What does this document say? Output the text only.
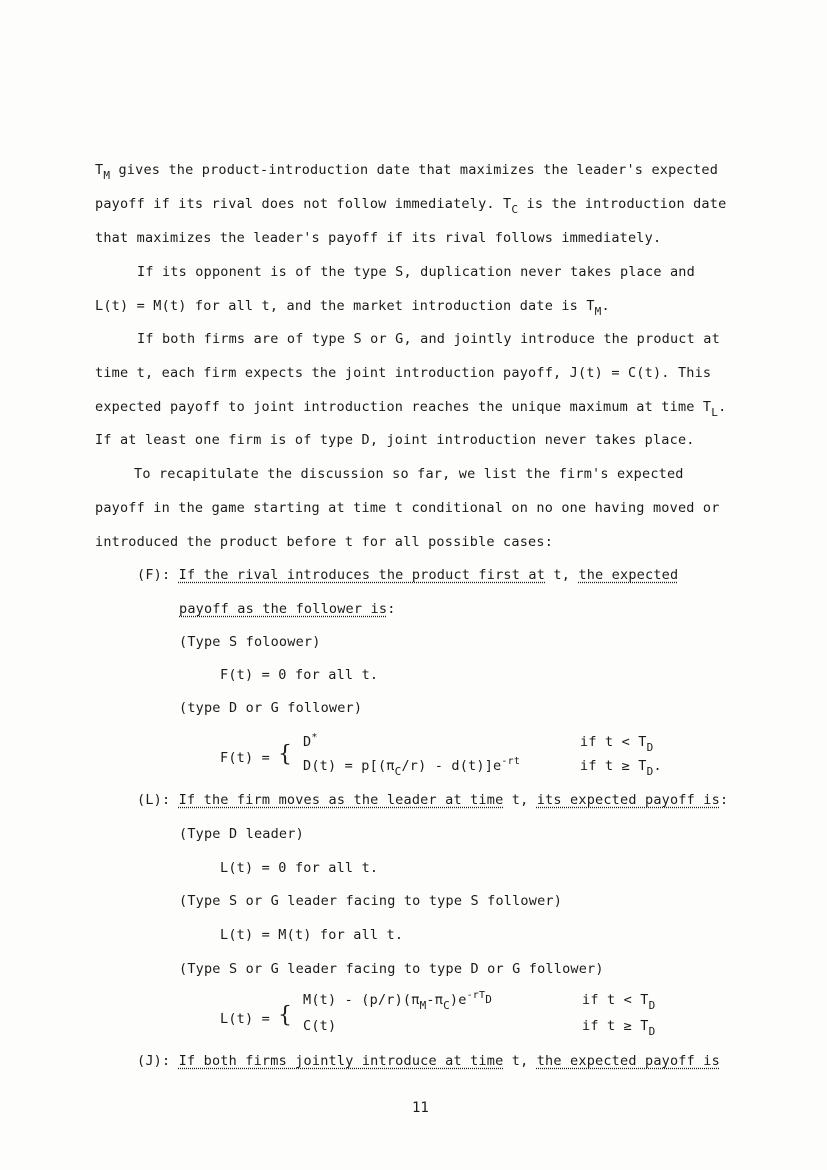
$T_M$ gives the product-introduction date that maximizes the leader's expected
payoff if its rival does not follow immediately. $T_C$ is the introduction date
that maximizes the leader's payoff if its rival follows immediately.
If its opponent is of the type S, duplication never takes place and
L(t) = M(t) for all t, and the market introduction date is $T_M$.
If both firms are of type S or G, and jointly introduce the product at
time t, each firm expects the joint introduction payoff, J(t) = C(t). This
expected payoff to joint introduction reaches the unique maximum at time $T_L$.
If at least one firm is of type D, joint introduction never takes place.
To recapitulate the discussion so far, we list the firm's expected
payoff in the game starting at time t conditional on no one having moved or
introduced the product before t for all possible cases:
(F): If the rival introduces the product first at t, the expected
payoff as the follower is:
(Type S foloower)
F(t) = 0 for all t.
(type D or G follower)
F(t) = { D*	if $t < T_D$
$D(t) = p[(\pi_C/r) - d(t)]e^{-rt}$	if $t \ge T_D$.
(L): If the firm moves as the leader at time t, its expected payoff is:
(Type D leader)
L(t) = 0 for all t.
(Type S or G leader facing to type S follower)
L(t) = M(t) for all t.
(Type S or G leader facing to type D or G follower)
L(t) = {
$M(t) - (p/r)(\pi_M-\pi_C)e^{-rT}D$	if $t < T_D$
C(t)	if $t \ge T_D$
(J): If both firms jointly introduce at time t, the expected payoff is
11
